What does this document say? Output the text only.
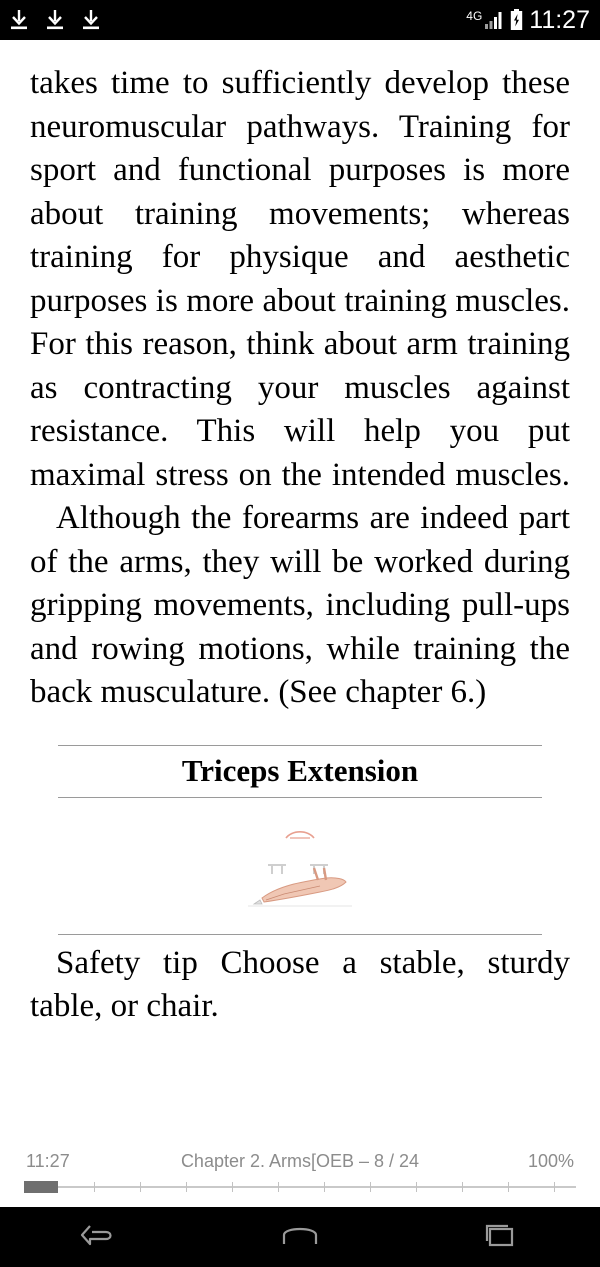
4G 11:27

takes time to sufficiently develop these neuromuscular pathways. Training for sport and functional purposes is more about training movements; whereas training for physique and aesthetic purposes is more about training muscles. For this reason, think about arm training as contracting your muscles against resistance. This will help you put maximal stress on the intended muscles.

Although the forearms are indeed part of the arms, they will be worked during gripping movements, including pull-ups and rowing motions, while training the back musculature. (See chapter 6.)

Triceps Extension

Safety tip Choose a stable, sturdy table, or chair.

11:27	Chapter 2. Arms[OEB – 8 / 24	100%
